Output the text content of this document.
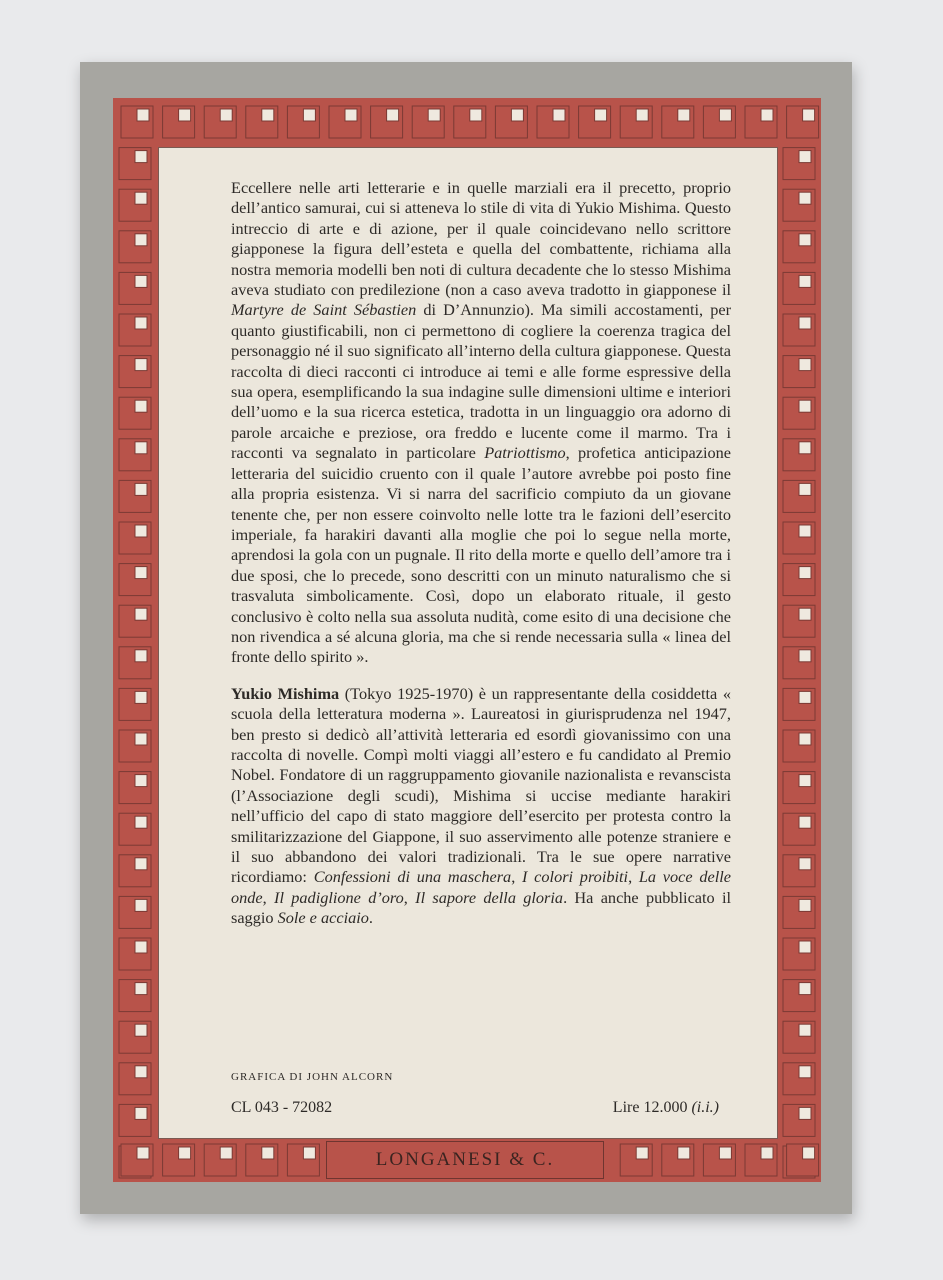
Eccellere nelle arti letterarie e in quelle marziali era il precetto, proprio dell’antico samurai, cui si atteneva lo stile di vita di Yukio Mishima. Questo intreccio di arte e di azione, per il quale coincidevano nello scrittore giapponese la figura dell’esteta e quella del combattente, richiama alla nostra memoria modelli ben noti di cultura decadente che lo stesso Mishima aveva studiato con predilezione (non a caso aveva tradotto in giapponese il Martyre de Saint Sébastien di D’Annunzio). Ma simili accostamenti, per quanto giustificabili, non ci permettono di cogliere la coerenza tragica del personaggio né il suo significato all’interno della cultura giapponese. Questa raccolta di dieci racconti ci introduce ai temi e alle forme espressive della sua opera, esemplificando la sua indagine sulle dimensioni ultime e interiori dell’uomo e la sua ricerca estetica, tradotta in un linguaggio ora adorno di parole arcaiche e preziose, ora freddo e lucente come il marmo. Tra i racconti va segnalato in particolare Patriottismo, profetica anticipazione letteraria del suicidio cruento con il quale l’autore avrebbe poi posto fine alla propria esistenza. Vi si narra del sacrificio compiuto da un giovane tenente che, per non essere coinvolto nelle lotte tra le fazioni dell’esercito imperiale, fa harakiri davanti alla moglie che poi lo segue nella morte, aprendosi la gola con un pugnale. Il rito della morte e quello dell’amore tra i due sposi, che lo precede, sono descritti con un minuto naturalismo che si trasvaluta simbolicamente. Così, dopo un elaborato rituale, il gesto conclusivo è colto nella sua assoluta nudità, come esito di una decisione che non rivendica a sé alcuna gloria, ma che si rende necessaria sulla « linea del fronte dello spirito ».

Yukio Mishima (Tokyo 1925-1970) è un rappresentante della cosiddetta « scuola della letteratura moderna ». Laureatosi in giurisprudenza nel 1947, ben presto si dedicò all’attività letteraria ed esordì giovanissimo con una raccolta di novelle. Compì molti viaggi all’estero e fu candidato al Premio Nobel. Fondatore di un raggruppamento giovanile nazionalista e revanscista (l’Associazione degli scudi), Mishima si uccise mediante harakiri nell’ufficio del capo di stato maggiore dell’esercito per protesta contro la smilitarizzazione del Giappone, il suo asservimento alle potenze straniere e il suo abbandono dei valori tradizionali. Tra le sue opere narrative ricordiamo: Confessioni di una maschera, I colori proibiti, La voce delle onde, Il padiglione d’oro, Il sapore della gloria. Ha anche pubblicato il saggio Sole e acciaio.

GRAFICA DI JOHN ALCORN
CL 043 - 72082	Lire 12.000 (i.i.)
LONGANESI & C.
